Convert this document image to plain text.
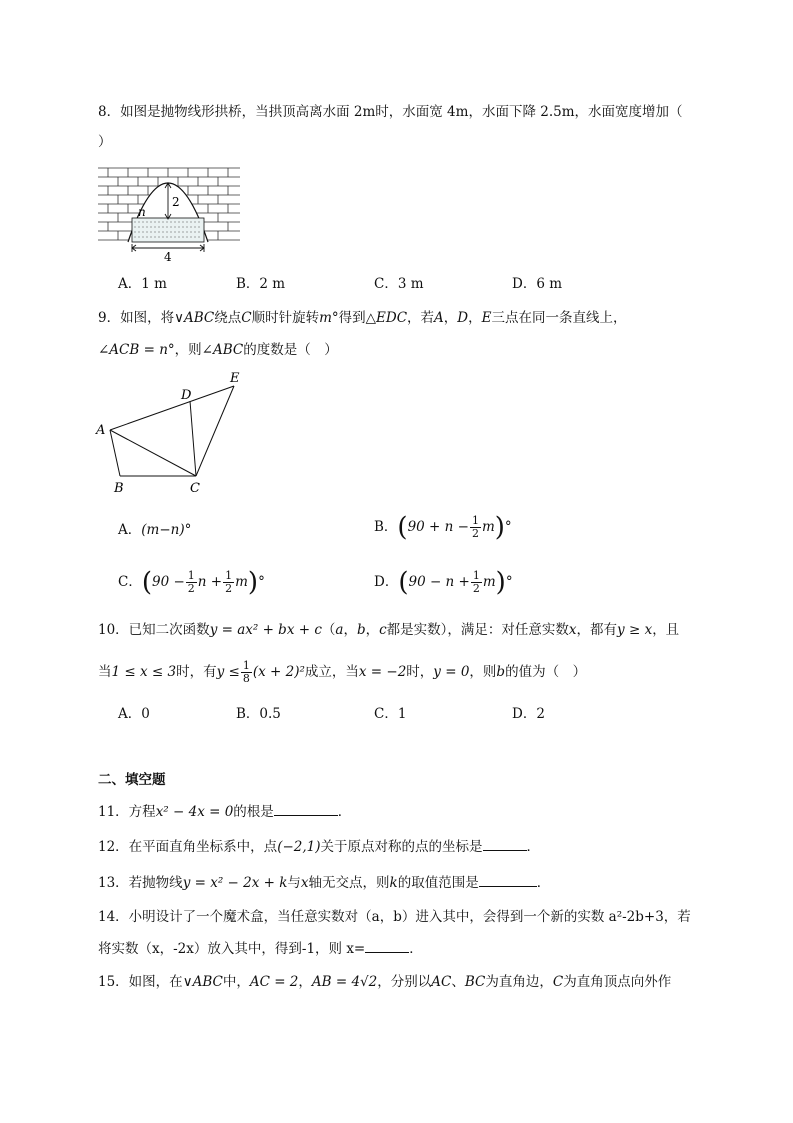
8．如图是抛物线形拱桥，当拱顶高离水面 2m时，水面宽 4m，水面下降 2.5m，水面宽度增加（
）
2
n
4
A．1 m	B．2 m	C．3 m	D．6 m
9．如图，将∨ABC绕点C顺时针旋转m°得到△EDC，若A，D，E三点在同一条直线上，
∠ACB = n°，则∠ABC的度数是（　）
A
B	C
D
E
A．(m−n)°	B．$(90 + n - \frac{1}{2} m)^\circ$
C．($90 - \frac{1}{2}$ $n + \frac{1}{2} m)^\circ$	D．$(90 - n + \frac{1}{2} m)^\circ$
10．已知二次函数y = ax² + bx + c（a，b，c都是实数），满足：对任意实数x，都有y ≥ x，且
当1 ≤ x ≤ 3时，有$y \le \frac{1}{8} (x + 2)^2$成立，当x = −2时，y = 0，则b的值为（　）
A．0	B．0.5	C．1	D．2
二、填空题
11．方程x² − 4x = 0的根是	．
12．在平面直角坐标系中，点(−2,1)关于原点对称的点的坐标是	．
13．若抛物线y = x² − 2x + k与x轴无交点，则k的取值范围是	．
14．小明设计了一个魔术盒，当任意实数对（a，b）进入其中，会得到一个新的实数 a²-2b+3，若
将实数（x，-2x）放入其中，得到-1，则 x=	．
15．如图，在∨ABC中，AC = 2，AB = 4√2，分别以AC、BC为直角边，C为直角顶点向外作
